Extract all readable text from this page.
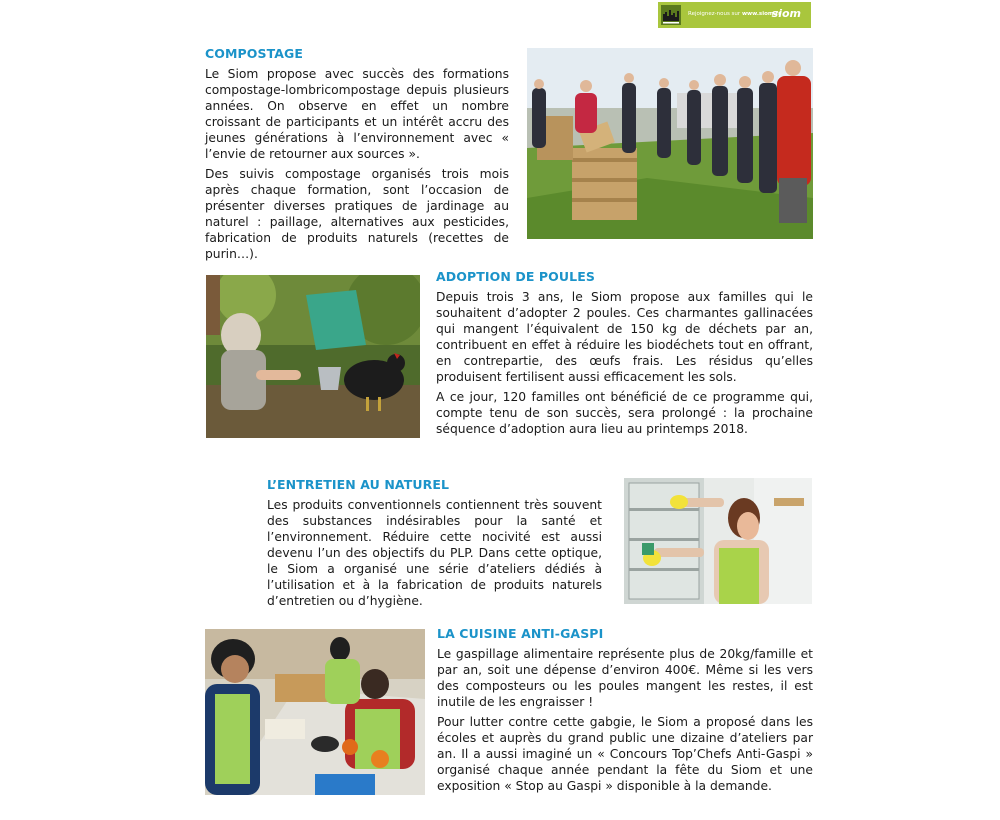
Rejoignez-nous sur www.siom.fr
siom
COMPOSTAGE

Le Siom propose avec succès des formations compostage-lombricompostage depuis plusieurs années. On observe en effet un nombre croissant de participants et un intérêt accru des jeunes générations à l’environnement avec « l’envie de retourner aux sources ».

Des suivis compostage organisés trois mois après chaque formation, sont l’occasion de présenter diverses pratiques de jardinage au naturel : paillage, alternatives aux pesticides, fabrication de produits naturels (recettes de purin…).

ADOPTION DE POULES

Depuis trois 3 ans, le Siom propose aux familles qui le souhaitent d’adopter 2 poules. Ces charmantes gallinacées qui mangent l’équivalent de 150 kg de déchets par an, contribuent en effet à réduire les biodéchets tout en offrant, en contrepartie, des œufs frais. Les résidus qu’elles produisent fertilisent aussi efficacement les sols.

A ce jour, 120 familles ont bénéficié de ce programme qui, compte tenu de son succès, sera prolongé : la prochaine séquence d’adoption aura lieu au printemps 2018.

L’ENTRETIEN AU NATUREL

Les produits conventionnels contiennent très souvent des substances indésirables pour la santé et l’environnement. Réduire cette nocivité est aussi devenu l’un des objectifs du PLP. Dans cette optique, le Siom a organisé une série d’ateliers dédiés à l’utilisation et à la fabrication de produits naturels d’entretien ou d’hygiène.

LA CUISINE ANTI-GASPI

Le gaspillage alimentaire représente plus de 20kg/famille et par an, soit une dépense d’environ 400€. Même si les vers des composteurs ou les poules mangent les restes, il est inutile de les engraisser !

Pour lutter contre cette gabgie, le Siom a proposé dans les écoles et auprès du grand public une dizaine d’ateliers par an. Il a aussi imaginé un « Concours Top’Chefs Anti-Gaspi » organisé chaque année pendant la fête du Siom et une exposition « Stop au Gaspi » disponible à la demande.
